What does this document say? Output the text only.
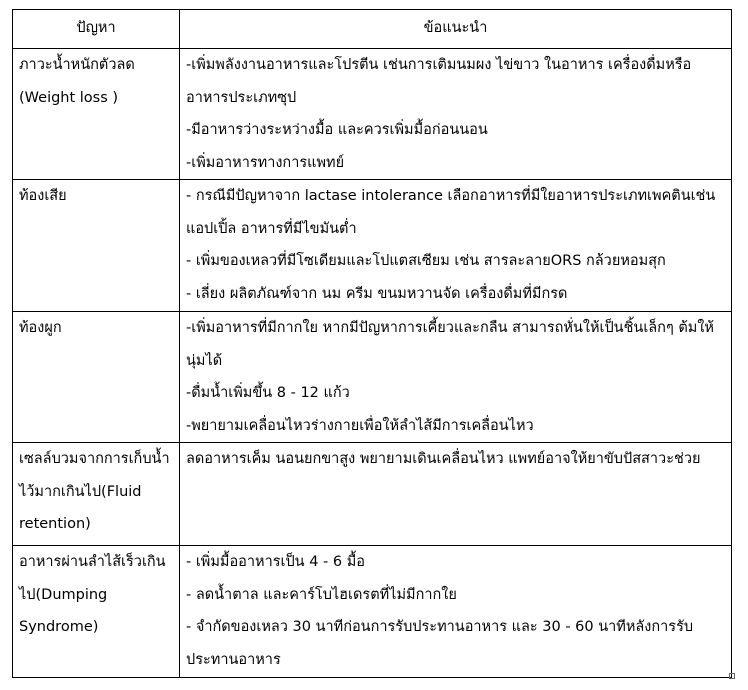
ปัญหา	ข้อแนะนำ

ภาวะน้ำหนักตัวลด (Weight loss )	-เพิ่มพลังงานอาหารและโปรตีน เช่นการเติมนมผง ไข่ขาว ในอาหาร เครื่องดื่มหรืออาหารประเภทซุป
-มีอาหารว่างระหว่างมื้อ และควรเพิ่มมื้อก่อนนอน
-เพิ่มอาหารทางการแพทย์

ท้องเสีย	- กรณีมีปัญหาจาก lactase intolerance เลือกอาหารที่มีใยอาหารประเภทเพคตินเช่น แอปเปิ้ล อาหารที่มีไขมันต่ำ
- เพิ่มของเหลวที่มีโซเดียมและโปแตสเซียม เช่น สารละลายORS กล้วยหอมสุก
- เลี่ยง ผลิตภัณฑ์จาก นม ครีม ขนมหวานจัด เครื่องดื่มที่มีกรด

ท้องผูก	-เพิ่มอาหารที่มีกากใย หากมีปัญหาการเคี้ยวและกลืน สามารถหั่นให้เป็นชิ้นเล็กๆ ต้มให้นุ่มได้
-ดื่มน้ำเพิ่มขึ้น 8 - 12 แก้ว
-พยายามเคลื่อนไหวร่างกายเพื่อให้ลำไส้มีการเคลื่อนไหว

เซลล์บวมจากการเก็บน้ำไว้มากเกินไป(Fluid retention)	ลดอาหารเค็ม นอนยกขาสูง พยายามเดินเคลื่อนไหว แพทย์อาจให้ยาขับปัสสาวะช่วย

อาหารผ่านลำไส้เร็วเกินไป(Dumping Syndrome)	- เพิ่มมื้ออาหารเป็น 4 - 6 มื้อ
- ลดน้ำตาล และคาร์โบไฮเดรตที่ไม่มีกากใย
- จำกัดของเหลว 30 นาทีก่อนการรับประทานอาหาร และ 30 - 60 นาทีหลังการรับประทานอาหาร
